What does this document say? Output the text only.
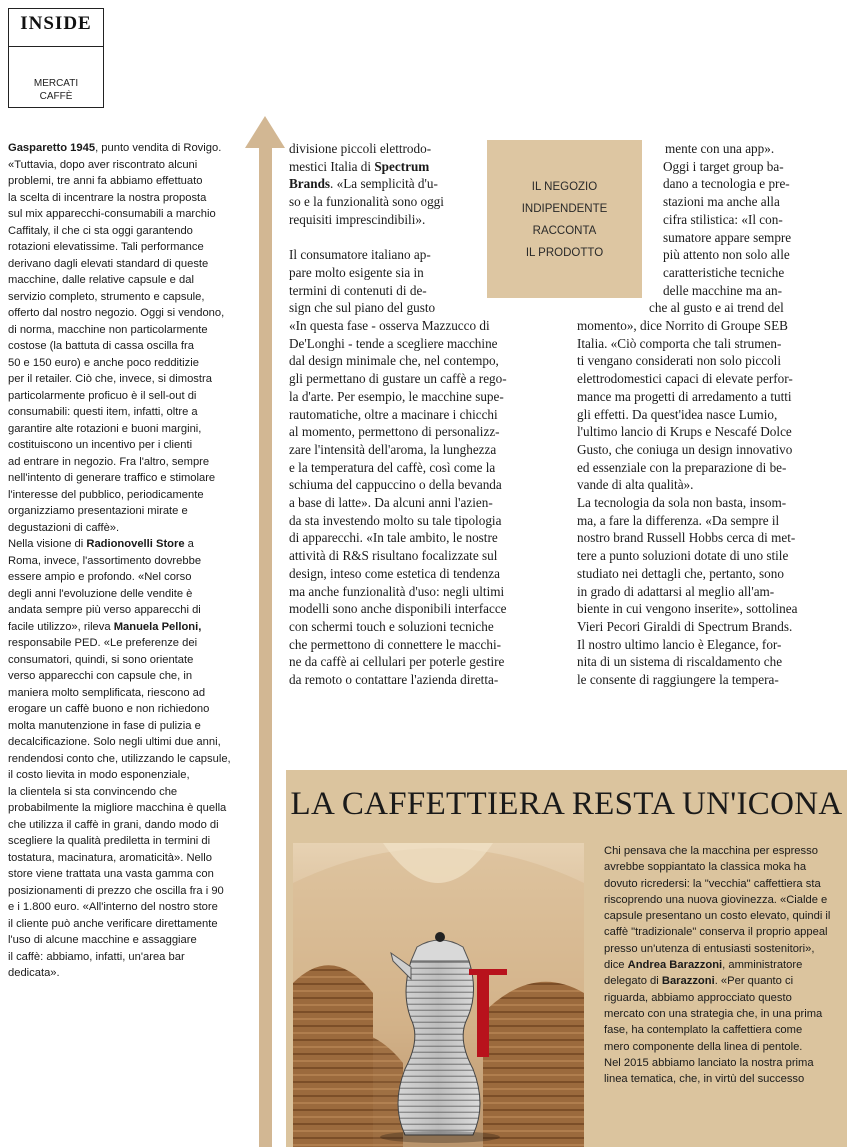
INSIDE
MERCATI
CAFFÈ
Gasparetto 1945, punto vendita di Rovigo.
«Tuttavia, dopo aver riscontrato alcuni
problemi, tre anni fa abbiamo effettuato
la scelta di incentrare la nostra proposta
sul mix apparecchi-consumabili a marchio
Caffitaly, il che ci sta oggi garantendo
rotazioni elevatissime. Tali performance
derivano dagli elevati standard di queste
macchine, dalle relative capsule e dal
servizio completo, strumento e capsule,
offerto dal nostro negozio. Oggi si vendono,
di norma, macchine non particolarmente
costose (la battuta di cassa oscilla fra
50 e 150 euro) e anche poco redditizie
per il retailer. Ciò che, invece, si dimostra
particolarmente proficuo è il sell-out di
consumabili: questi item, infatti, oltre a
garantire alte rotazioni e buoni margini,
costituiscono un incentivo per i clienti
ad entrare in negozio. Fra l'altro, sempre
nell'intento di generare traffico e stimolare
l'interesse del pubblico, periodicamente
organizziamo presentazioni mirate e
degustazioni di caffè».
Nella visione di Radionovelli Store a
Roma, invece, l'assortimento dovrebbe
essere ampio e profondo. «Nel corso
degli anni l'evoluzione delle vendite è
andata sempre più verso apparecchi di
facile utilizzo», rileva Manuela Pelloni,
responsabile PED. «Le preferenze dei
consumatori, quindi, si sono orientate
verso apparecchi con capsule che, in
maniera molto semplificata, riescono ad
erogare un caffè buono e non richiedono
molta manutenzione in fase di pulizia e
decalcificazione. Solo negli ultimi due anni,
rendendosi conto che, utilizzando le capsule,
il costo lievita in modo esponenziale,
la clientela si sta convincendo che
probabilmente la migliore macchina è quella
che utilizza il caffè in grani, dando modo di
scegliere la qualità prediletta in termini di
tostatura, macinatura, aromaticità». Nello
store viene trattata una vasta gamma con
posizionamenti di prezzo che oscilla fra i 90
e i 1.800 euro. «All'interno del nostro store
il cliente può anche verificare direttamente
l'uso di alcune macchine e assaggiare
il caffè: abbiamo, infatti, un'area bar
dedicata».
divisione piccoli elettrodo-
mestici Italia di Spectrum
Brands. «La semplicità d'u-
so e la funzionalità sono oggi
requisiti imprescindibili».
Il consumatore italiano ap-
pare molto esigente sia in
termini di contenuti di de-
sign che sul piano del gusto
«In questa fase - osserva Mazzucco di
De'Longhi - tende a scegliere macchine
dal design minimale che, nel contempo,
gli permettano di gustare un caffè a rego-
la d'arte. Per esempio, le macchine supe-
rautomatiche, oltre a macinare i chicchi
al momento, permettono di personalizz-
zare l'intensità dell'aroma, la lunghezza
e la temperatura del caffè, così come la
schiuma del cappuccino o della bevanda
a base di latte». Da alcuni anni l'azien-
da sta investendo molto su tale tipologia
di apparecchi. «In tale ambito, le nostre
attività di R&S risultano focalizzate sul
design, inteso come estetica di tendenza
ma anche funzionalità d'uso: negli ultimi
modelli sono anche disponibili interfacce
con schermi touch e soluzioni tecniche
che permettono di connettere le macchi-
ne da caffè ai cellulari per poterle gestire
da remoto o contattare l'azienda diretta-
IL NEGOZIO
INDIPENDENTE
RACCONTA
IL PRODOTTO
mente con una app».
Oggi i target group ba-
dano a tecnologia e pre-
stazioni ma anche alla
cifra stilistica: «Il con-
sumatore appare sempre
più attento non solo alle
caratteristiche tecniche
delle macchine ma an-
che al gusto e ai trend del
momento», dice Norrito di Groupe SEB
Italia. «Ciò comporta che tali strumen-
ti vengano considerati non solo piccoli
elettrodomestici capaci di elevate perfor-
mance ma progetti di arredamento a tutti
gli effetti. Da quest'idea nasce Lumio,
l'ultimo lancio di Krups e Nescafé Dolce
Gusto, che coniuga un design innovativo
ed essenziale con la preparazione di be-
vande di alta qualità».
La tecnologia da sola non basta, insom-
ma, a fare la differenza. «Da sempre il
nostro brand Russell Hobbs cerca di met-
tere a punto soluzioni dotate di uno stile
studiato nei dettagli che, pertanto, sono
in grado di adattarsi al meglio all'am-
biente in cui vengono inserite», sottolinea
Vieri Pecori Giraldi di Spectrum Brands.
Il nostro ultimo lancio è Elegance, for-
nita di un sistema di riscaldamento che
le consente di raggiungere la tempera-
LA CAFFETTIERA RESTA UN'ICONA
Chi pensava che la macchina per espresso
avrebbe soppiantato la classica moka ha
dovuto ricredersi: la "vecchia" caffettiera sta
riscoprendo una nuova giovinezza. «Cialde e
capsule presentano un costo elevato, quindi il
caffè "tradizionale" conserva il proprio appeal
presso un'utenza di entusiasti sostenitori»,
dice Andrea Barazzoni, amministratore
delegato di Barazzoni. «Per quanto ci
riguarda, abbiamo approcciato questo
mercato con una strategia che, in una prima
fase, ha contemplato la caffettiera come
mero componente della linea di pentole.
Nel 2015 abbiamo lanciato la nostra prima
linea tematica, che, in virtù del successo
